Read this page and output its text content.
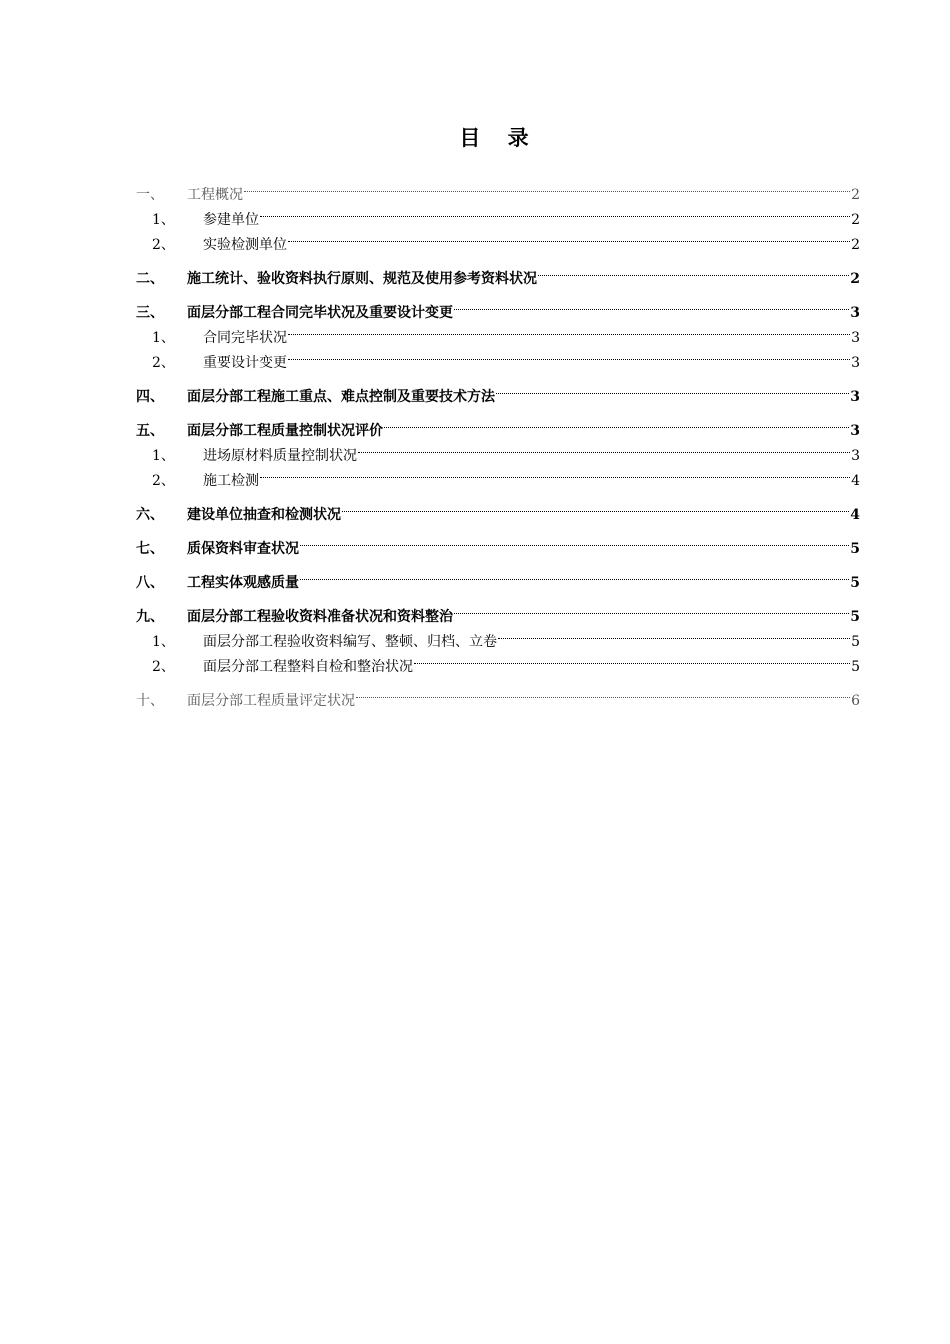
目 录
一、	工程概况	2
1、	参建单位	2
2、	实验检测单位	2
二、	施工统计、验收资料执行原则、规范及使用参考资料状况	2
三、	面层分部工程合同完毕状况及重要设计变更	3
1、	合同完毕状况	3
2、	重要设计变更	3
四、	面层分部工程施工重点、难点控制及重要技术方法	3
五、	面层分部工程质量控制状况评价	3
1、	进场原材料质量控制状况	3
2、	施工检测	4
六、	建设单位抽查和检测状况	4
七、	质保资料审查状况	5
八、	工程实体观感质量	5
九、	面层分部工程验收资料准备状况和资料整治	5
1、	面层分部工程验收资料编写、整顿、归档、立卷	5
2、	面层分部工程整料自检和整治状况	5
十、	面层分部工程质量评定状况	6
